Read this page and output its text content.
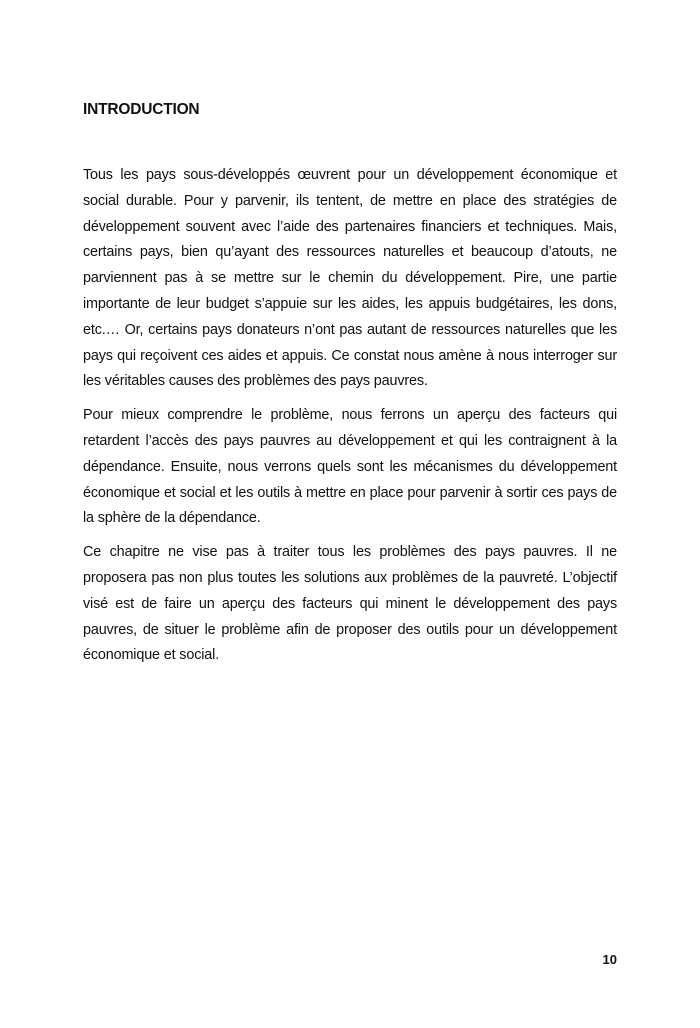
INTRODUCTION

Tous les pays sous-développés œuvrent pour un développement économique et social durable. Pour y parvenir, ils tentent, de mettre en place des stratégies de développement souvent avec l’aide des partenaires financiers et techniques. Mais, certains pays, bien qu’ayant des ressources naturelles et beaucoup d’atouts, ne parviennent pas à se mettre sur le chemin du développement. Pire, une partie importante de leur budget s’appuie sur les aides, les appuis budgétaires, les dons, etc.… Or, certains pays donateurs n’ont pas autant de ressources naturelles que les pays qui reçoivent ces aides et appuis. Ce constat nous amène à nous interroger sur les véritables causes des problèmes des pays pauvres.

Pour mieux comprendre le problème, nous ferrons un aperçu des facteurs qui retardent l’accès des pays pauvres au développement et qui les contraignent à la dépendance. Ensuite, nous verrons quels sont les mécanismes du développement économique et social et les outils à mettre en place pour parvenir à sortir ces pays de la sphère de la dépendance.

Ce chapitre ne vise pas à traiter tous les problèmes des pays pauvres. Il ne proposera pas non plus toutes les solutions aux problèmes de la pauvreté. L’objectif visé est de faire un aperçu des facteurs qui minent le développement des pays pauvres, de situer le problème afin de proposer des outils pour un développement économique et social.

10
